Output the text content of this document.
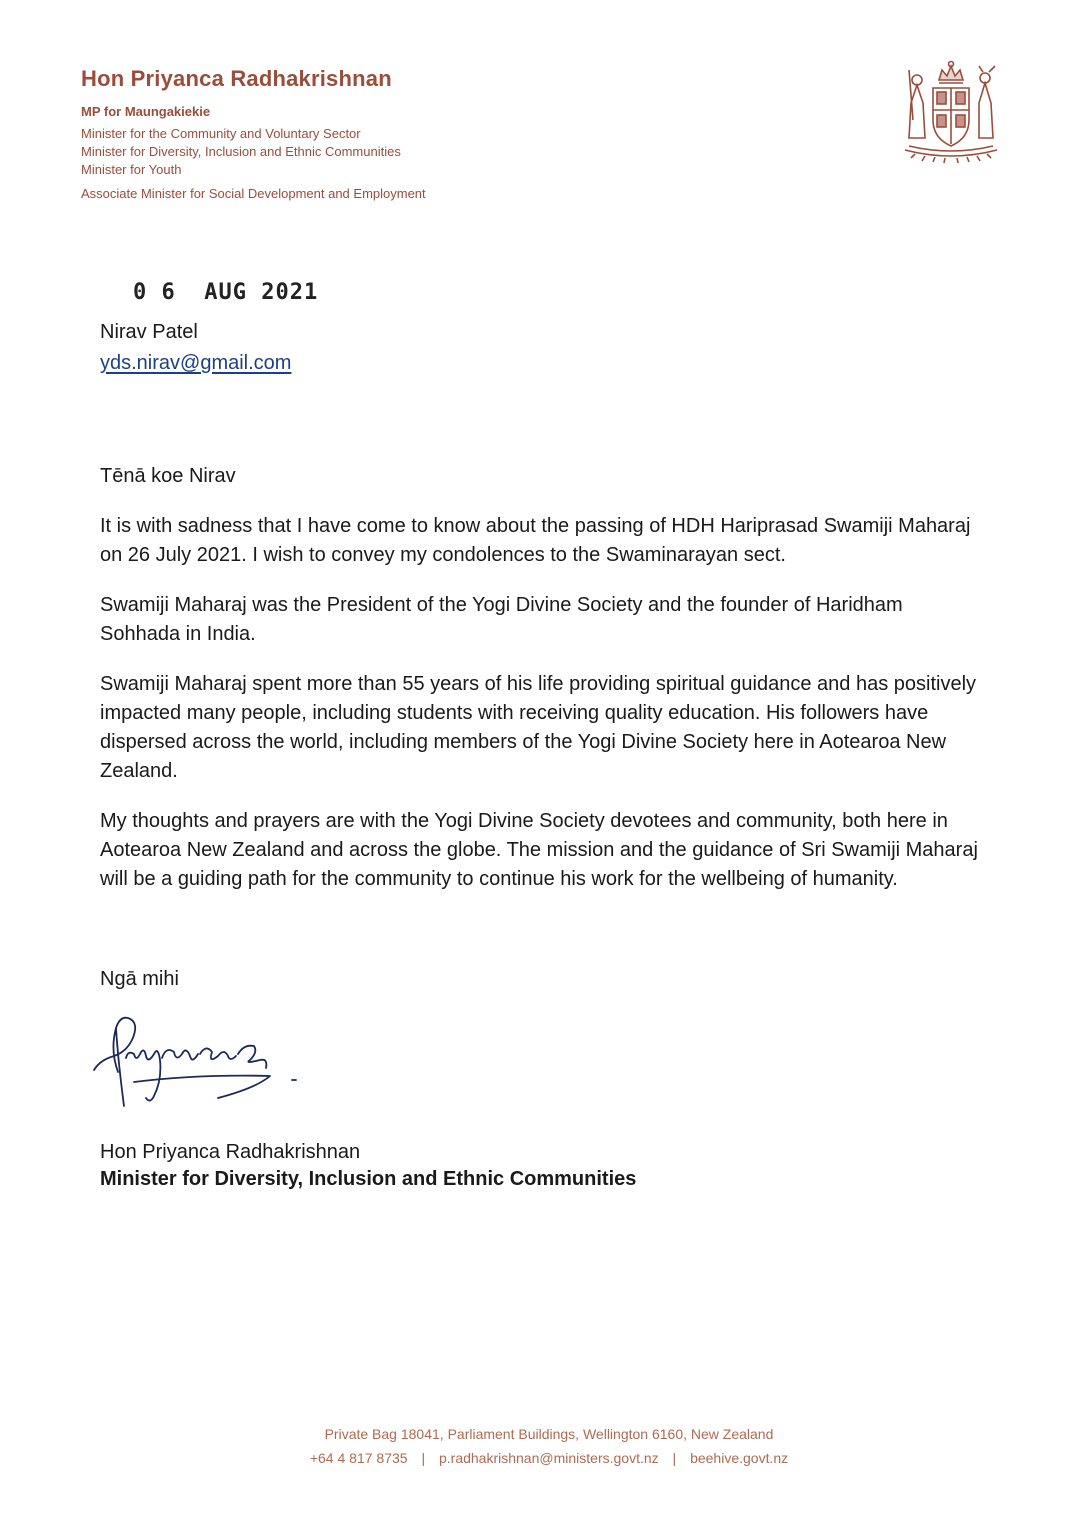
Hon Priyanca Radhakrishnan
MP for Maungakiekie
Minister for the Community and Voluntary Sector
Minister for Diversity, Inclusion and Ethnic Communities
Minister for Youth
Associate Minister for Social Development and Employment
0 6  AUG 2021
Nirav Patel
yds.nirav@gmail.com

Tēnā koe Nirav

It is with sadness that I have come to know about the passing of HDH Hariprasad Swamiji Maharaj on 26 July 2021. I wish to convey my condolences to the Swaminarayan sect.

Swamiji Maharaj was the President of the Yogi Divine Society and the founder of Haridham Sohhada in India.

Swamiji Maharaj spent more than 55 years of his life providing spiritual guidance and has positively impacted many people, including students with receiving quality education. His followers have dispersed across the world, including members of the Yogi Divine Society here in Aotearoa New Zealand.

My thoughts and prayers are with the Yogi Divine Society devotees and community, both here in Aotearoa New Zealand and across the globe. The mission and the guidance of Sri Swamiji Maharaj will be a guiding path for the community to continue his work for the wellbeing of humanity.

Ngā mihi
Hon Priyanca Radhakrishnan
Minister for Diversity, Inclusion and Ethnic Communities
Private Bag 18041, Parliament Buildings, Wellington 6160, New Zealand
+64 4 817 8735 | p.radhakrishnan@ministers.govt.nz | beehive.govt.nz
